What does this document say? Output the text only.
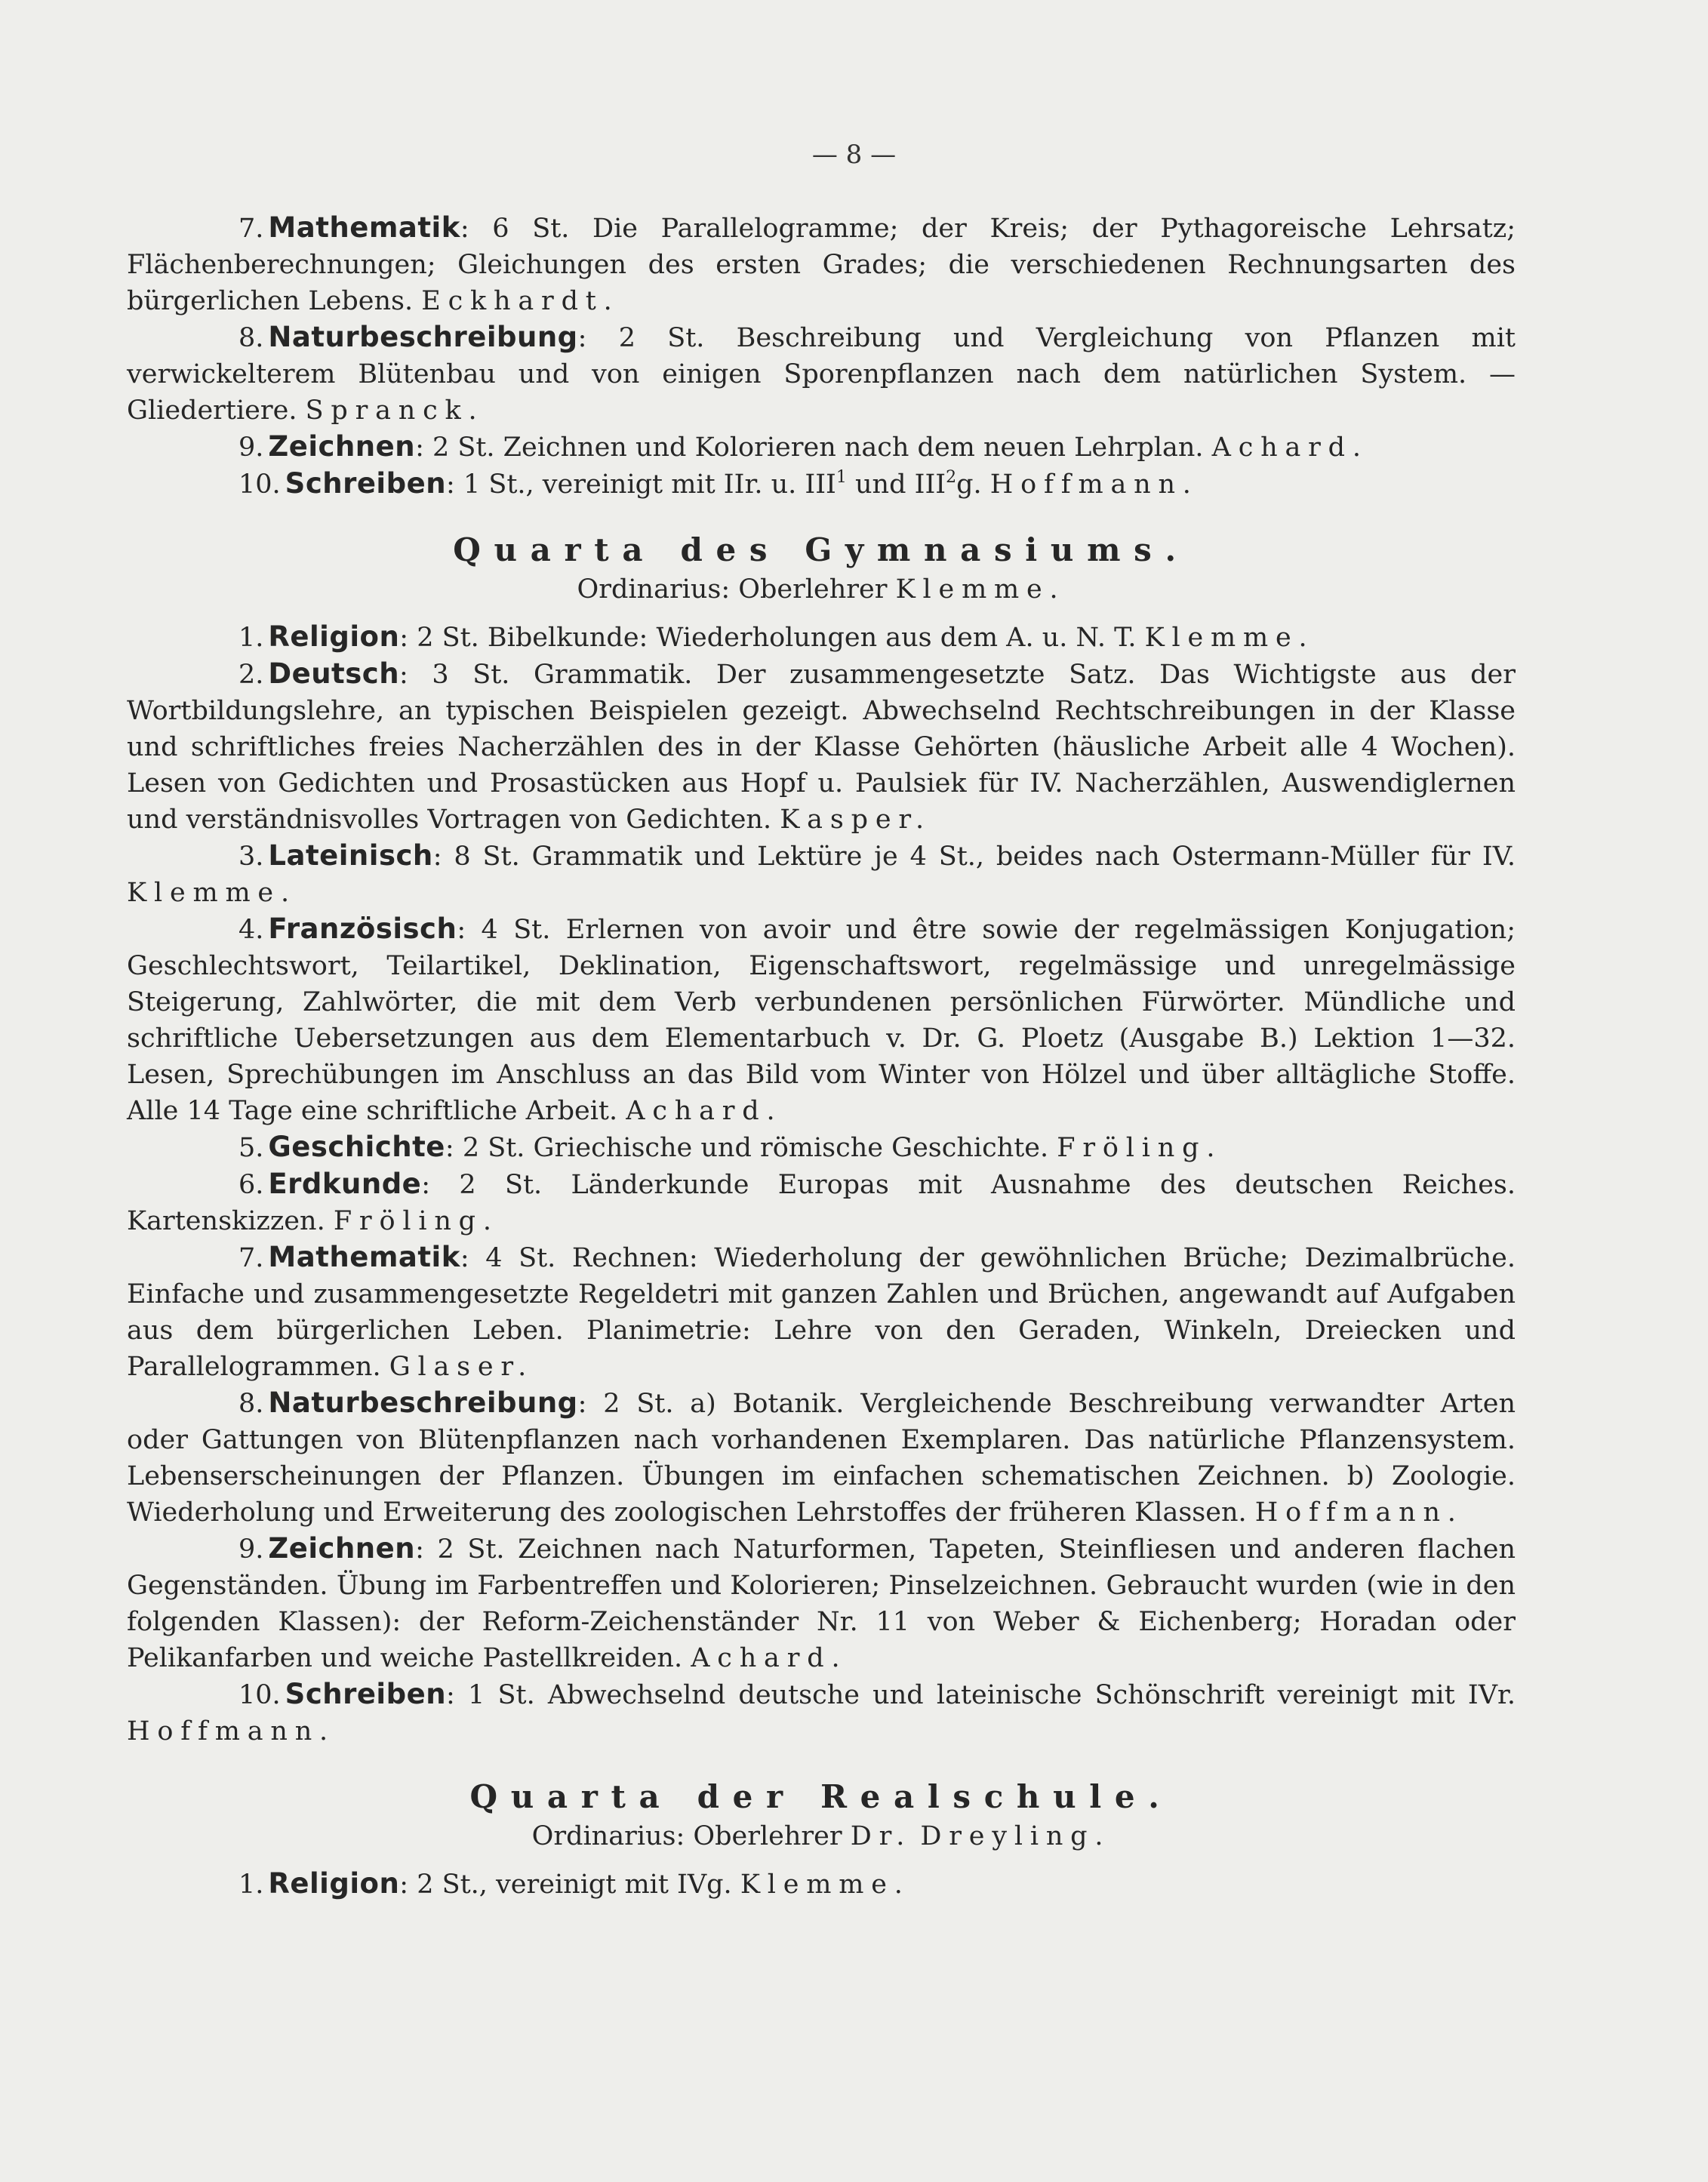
— 8 —

7. Mathematik: 6 St. Die Parallelogramme; der Kreis; der Pythagoreische Lehrsatz; Flächenberechnungen; Gleichungen des ersten Grades; die verschiedenen Rechnungsarten des bürgerlichen Lebens. Eckhardt.

8. Naturbeschreibung: 2 St. Beschreibung und Vergleichung von Pflanzen mit verwickelterem Blütenbau und von einigen Sporenpflanzen nach dem natürlichen System. — Gliedertiere. Spranck.

9. Zeichnen: 2 St. Zeichnen und Kolorieren nach dem neuen Lehrplan. Achard.

10. Schreiben: 1 St., vereinigt mit IIr. u. III$^1$ und III$^2$g. Hoffmann.

Quarta des Gymnasiums.

Ordinarius: Oberlehrer Klemme.

1. Religion: 2 St. Bibelkunde: Wiederholungen aus dem A. u. N. T. Klemme.

2. Deutsch: 3 St. Grammatik. Der zusammengesetzte Satz. Das Wichtigste aus der Wortbildungslehre, an typischen Beispielen gezeigt. Abwechselnd Rechtschreibungen in der Klasse und schriftliches freies Nacherzählen des in der Klasse Gehörten (häusliche Arbeit alle 4 Wochen). Lesen von Gedichten und Prosastücken aus Hopf u. Paulsiek für IV. Nacherzählen, Auswendiglernen und verständnisvolles Vortragen von Gedichten. Kasper.

3. Lateinisch: 8 St. Grammatik und Lektüre je 4 St., beides nach Ostermann-Müller für IV. Klemme.

4. Französisch: 4 St. Erlernen von avoir und être sowie der regelmässigen Konjugation; Geschlechtswort, Teilartikel, Deklination, Eigenschaftswort, regelmässige und unregelmässige Steigerung, Zahlwörter, die mit dem Verb verbundenen persönlichen Fürwörter. Mündliche und schriftliche Uebersetzungen aus dem Elementarbuch v. Dr. G. Ploetz (Ausgabe B.) Lektion 1—32. Lesen, Sprechübungen im Anschluss an das Bild vom Winter von Hölzel und über alltägliche Stoffe. Alle 14 Tage eine schriftliche Arbeit. Achard.

5. Geschichte: 2 St. Griechische und römische Geschichte. Fröling.

6. Erdkunde: 2 St. Länderkunde Europas mit Ausnahme des deutschen Reiches. Kartenskizzen. Fröling.

7. Mathematik: 4 St. Rechnen: Wiederholung der gewöhnlichen Brüche; Dezimalbrüche. Einfache und zusammengesetzte Regeldetri mit ganzen Zahlen und Brüchen, angewandt auf Aufgaben aus dem bürgerlichen Leben. Planimetrie: Lehre von den Geraden, Winkeln, Dreiecken und Parallelogrammen. Glaser.

8. Naturbeschreibung: 2 St. a) Botanik. Vergleichende Beschreibung verwandter Arten oder Gattungen von Blütenpflanzen nach vorhandenen Exemplaren. Das natürliche Pflanzensystem. Lebenserscheinungen der Pflanzen. Übungen im einfachen schematischen Zeichnen. b) Zoologie. Wiederholung und Erweiterung des zoologischen Lehrstoffes der früheren Klassen. Hoffmann.

9. Zeichnen: 2 St. Zeichnen nach Naturformen, Tapeten, Steinfliesen und anderen flachen Gegenständen. Übung im Farbentreffen und Kolorieren; Pinselzeichnen. Gebraucht wurden (wie in den folgenden Klassen): der Reform-Zeichenständer Nr. 11 von Weber & Eichenberg; Horadan oder Pelikanfarben und weiche Pastellkreiden. Achard.

10. Schreiben: 1 St. Abwechselnd deutsche und lateinische Schönschrift vereinigt mit IVr. Hoffmann.

Quarta der Realschule.

Ordinarius: Oberlehrer Dr. Dreyling.

1. Religion: 2 St., vereinigt mit IVg. Klemme.
